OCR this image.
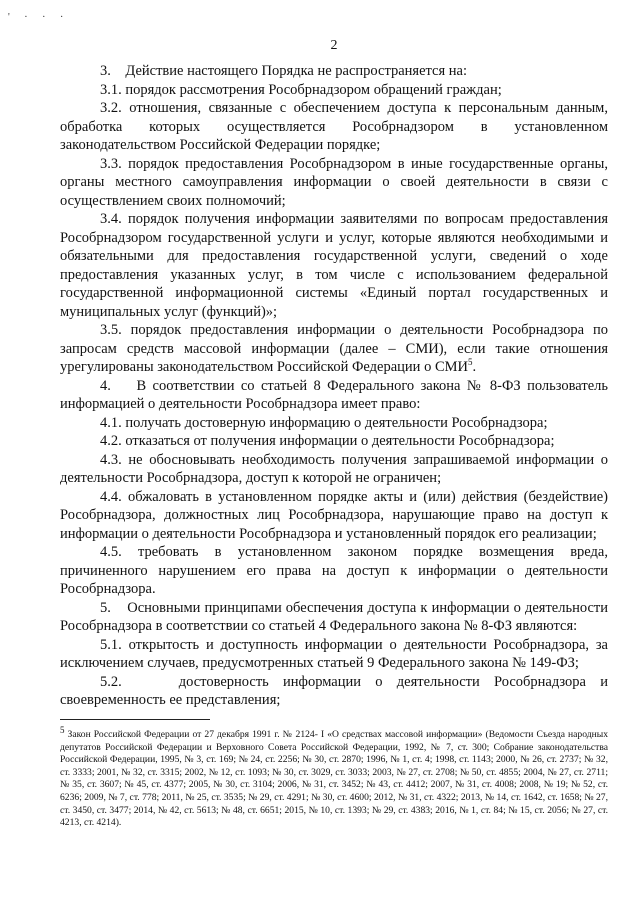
' · · ·
2

3.    Действие настоящего Порядка не распространяется на:

3.1. порядок рассмотрения Рособрнадзором обращений граждан;

3.2. отношения, связанные с обеспечением доступа к персональным данным, обработка которых осуществляется Рособрнадзором в установленном законодательством Российской Федерации порядке;

3.3. порядок предоставления Рособрнадзором в иные государственные органы, органы местного самоуправления информации о своей деятельности в связи с осуществлением своих полномочий;

3.4. порядок получения информации заявителями по вопросам предоставления Рособрнадзором государственной услуги и услуг, которые являются необходимыми и обязательными для предоставления государственной услуги, сведений о ходе предоставления указанных услуг, в том числе с использованием федеральной государственной информационной системы «Единый портал государственных и муниципальных услуг (функций)»;

3.5. порядок предоставления информации о деятельности Рособрнадзора по запросам средств массовой информации (далее – СМИ), если такие отношения урегулированы законодательством Российской Федерации о СМИ$^5$.

4.    В соответствии со статьей 8 Федерального закона № 8-ФЗ пользователь информацией о деятельности Рособрнадзора имеет право:

4.1. получать достоверную информацию о деятельности Рособрнадзора;

4.2. отказаться от получения информации о деятельности Рособрнадзора;

4.3. не обосновывать необходимость получения запрашиваемой информации о деятельности Рособрнадзора, доступ к которой не ограничен;

4.4. обжаловать в установленном порядке акты и (или) действия (бездействие) Рособрнадзора, должностных лиц Рособрнадзора, нарушающие право на доступ к информации о деятельности Рособрнадзора и установленный порядок его реализации;

4.5. требовать в установленном законом порядке возмещения вреда, причиненного нарушением его права на доступ к информации о деятельности Рособрнадзора.

5.    Основными принципами обеспечения доступа к информации о деятельности Рособрнадзора в соответствии со статьей 4 Федерального закона № 8-ФЗ являются:

5.1. открытость и доступность информации о деятельности Рособрнадзора, за исключением случаев, предусмотренных статьей 9 Федерального закона № 149-ФЗ;

5.2.    достоверность информации о деятельности Рособрнадзора и своевременность ее представления;

$^5$ Закон Российской Федерации от 27 декабря 1991 г. № 2124- I «О средствах массовой информации» (Ведомости Съезда народных депутатов Российской Федерации и Верховного Совета Российской Федерации, 1992, № 7, ст. 300; Собрание законодательства Российской Федерации, 1995, № 3, ст. 169; № 24, ст. 2256; № 30, ст. 2870; 1996, № 1, ст. 4; 1998, ст. 1143; 2000, № 26, ст. 2737; № 32, ст. 3333; 2001, № 32, ст. 3315; 2002, № 12, ст. 1093; № 30, ст. 3029, ст. 3033; 2003, № 27, ст. 2708; № 50, ст. 4855; 2004, № 27, ст. 2711; № 35, ст. 3607; № 45, ст. 4377; 2005, № 30, ст. 3104; 2006, № 31, ст. 3452; № 43, ст. 4412; 2007, № 31, ст. 4008; 2008, № 19; № 52, ст. 6236; 2009, № 7, ст. 778; 2011, № 25, ст. 3535; № 29, ст. 4291; № 30, ст. 4600; 2012, № 31, ст. 4322; 2013, № 14, ст. 1642, ст. 1658; № 27, ст. 3450, ст. 3477; 2014, № 42, ст. 5613; № 48, ст. 6651; 2015, № 10, ст. 1393; № 29, ст. 4383; 2016, № 1, ст. 84; № 15, ст. 2056; № 27, ст. 4213, ст. 4214).
